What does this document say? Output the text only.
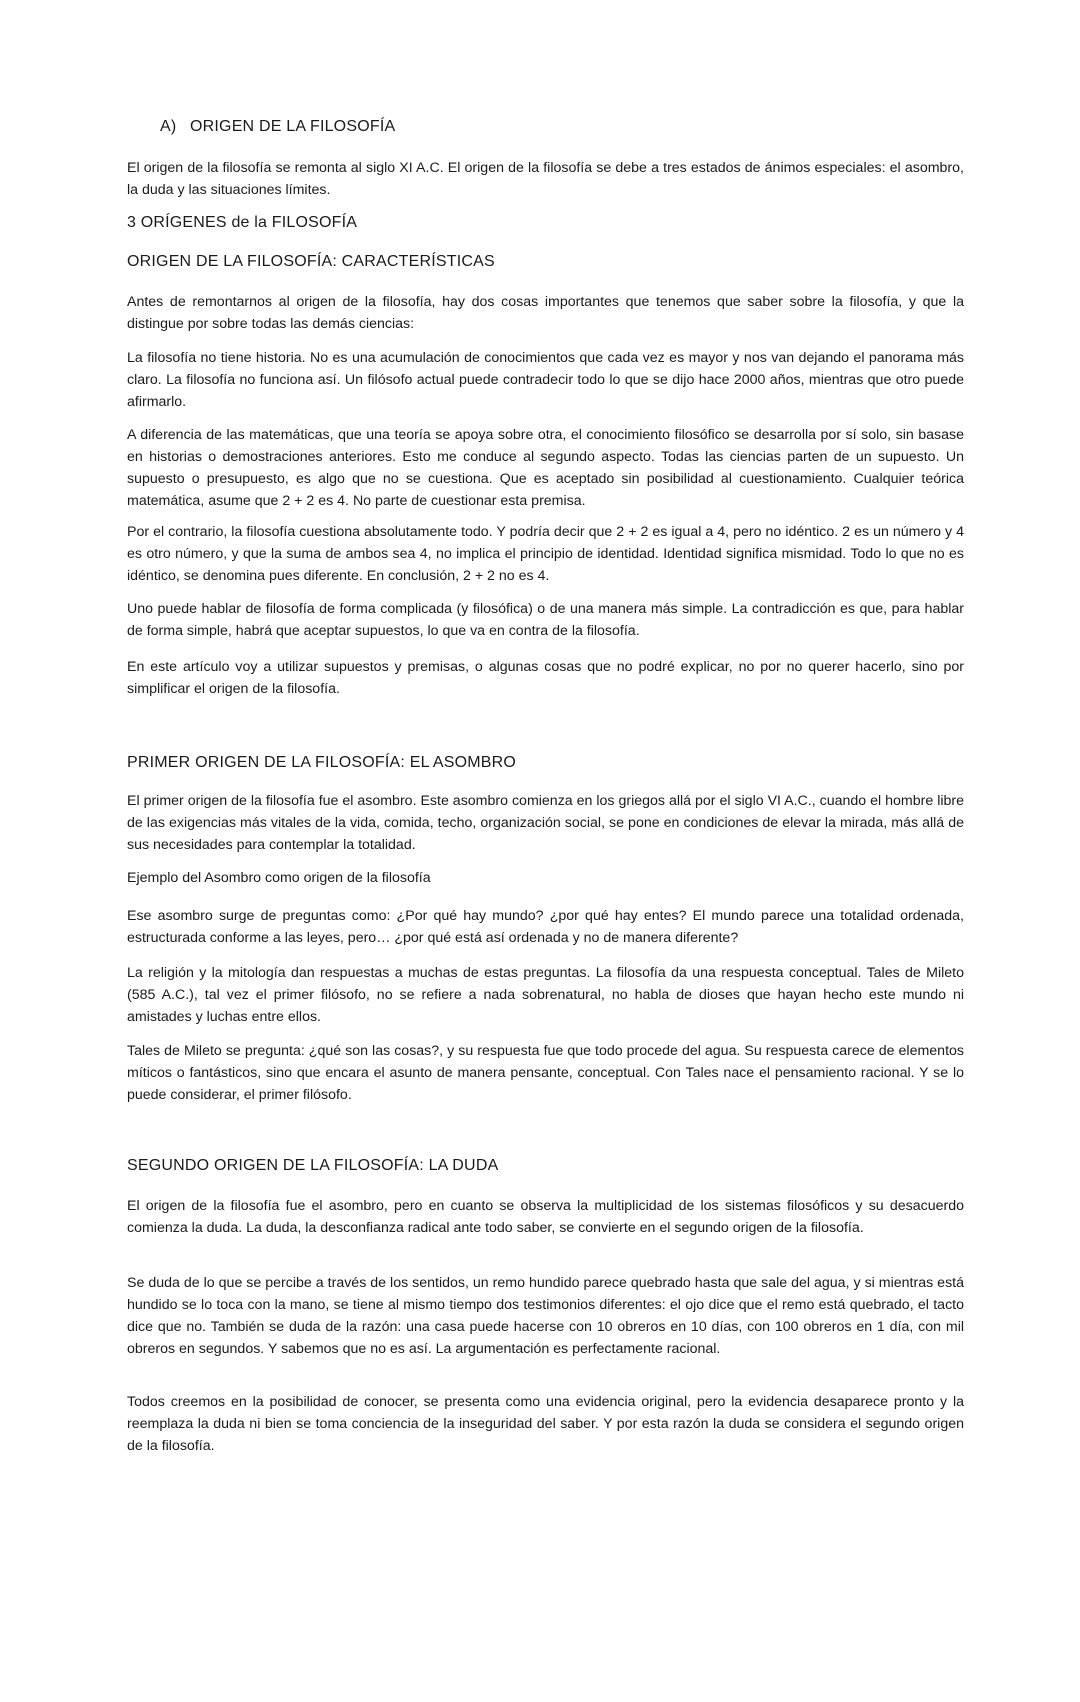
A) ORIGEN DE LA FILOSOFÍA

El origen de la filosofía se remonta al siglo XI A.C. El origen de la filosofía se debe a tres estados de ánimos especiales: el asombro, la duda y las situaciones límites.

3 ORÍGENES de la FILOSOFÍA
ORIGEN DE LA FILOSOFÍA: CARACTERÍSTICAS

Antes de remontarnos al origen de la filosofía, hay dos cosas importantes que tenemos que saber sobre la filosofía, y que la distingue por sobre todas las demás ciencias:

La filosofía no tiene historia. No es una acumulación de conocimientos que cada vez es mayor y nos van dejando el panorama más claro. La filosofía no funciona así. Un filósofo actual puede contradecir todo lo que se dijo hace 2000 años, mientras que otro puede afirmarlo.

A diferencia de las matemáticas, que una teoría se apoya sobre otra, el conocimiento filosófico se desarrolla por sí solo, sin basase en historias o demostraciones anteriores. Esto me conduce al segundo aspecto. Todas las ciencias parten de un supuesto. Un supuesto o presupuesto, es algo que no se cuestiona. Que es aceptado sin posibilidad al cuestionamiento. Cualquier teórica matemática, asume que 2 + 2 es 4. No parte de cuestionar esta premisa.

Por el contrario, la filosofía cuestiona absolutamente todo. Y podría decir que 2 + 2 es igual a 4, pero no idéntico. 2 es un número y 4 es otro número, y que la suma de ambos sea 4, no implica el principio de identidad. Identidad significa mismidad. Todo lo que no es idéntico, se denomina pues diferente. En conclusión, 2 + 2 no es 4.

Uno puede hablar de filosofía de forma complicada (y filosófica) o de una manera más simple. La contradicción es que, para hablar de forma simple, habrá que aceptar supuestos, lo que va en contra de la filosofía.

En este artículo voy a utilizar supuestos y premisas, o algunas cosas que no podré explicar, no por no querer hacerlo, sino por simplificar el origen de la filosofía.

PRIMER ORIGEN DE LA FILOSOFÍA: EL ASOMBRO

El primer origen de la filosofía fue el asombro. Este asombro comienza en los griegos allá por el siglo VI A.C., cuando el hombre libre de las exigencias más vitales de la vida, comida, techo, organización social, se pone en condiciones de elevar la mirada, más allá de sus necesidades para contemplar la totalidad.

Ejemplo del Asombro como origen de la filosofía

Ese asombro surge de preguntas como: ¿Por qué hay mundo? ¿por qué hay entes? El mundo parece una totalidad ordenada, estructurada conforme a las leyes, pero… ¿por qué está así ordenada y no de manera diferente?

La religión y la mitología dan respuestas a muchas de estas preguntas. La filosofía da una respuesta conceptual. Tales de Mileto (585 A.C.), tal vez el primer filósofo, no se refiere a nada sobrenatural, no habla de dioses que hayan hecho este mundo ni amistades y luchas entre ellos.

Tales de Mileto se pregunta: ¿qué son las cosas?, y su respuesta fue que todo procede del agua. Su respuesta carece de elementos míticos o fantásticos, sino que encara el asunto de manera pensante, conceptual. Con Tales nace el pensamiento racional. Y se lo puede considerar, el primer filósofo.

SEGUNDO ORIGEN DE LA FILOSOFÍA: LA DUDA

El origen de la filosofía fue el asombro, pero en cuanto se observa la multiplicidad de los sistemas filosóficos y su desacuerdo comienza la duda. La duda, la desconfianza radical ante todo saber, se convierte en el segundo origen de la filosofía.

Se duda de lo que se percibe a través de los sentidos, un remo hundido parece quebrado hasta que sale del agua, y si mientras está hundido se lo toca con la mano, se tiene al mismo tiempo dos testimonios diferentes: el ojo dice que el remo está quebrado, el tacto dice que no. También se duda de la razón: una casa puede hacerse con 10 obreros en 10 días, con 100 obreros en 1 día, con mil obreros en segundos. Y sabemos que no es así. La argumentación es perfectamente racional.

Todos creemos en la posibilidad de conocer, se presenta como una evidencia original, pero la evidencia desaparece pronto y la reemplaza la duda ni bien se toma conciencia de la inseguridad del saber. Y por esta razón la duda se considera el segundo origen de la filosofía.
